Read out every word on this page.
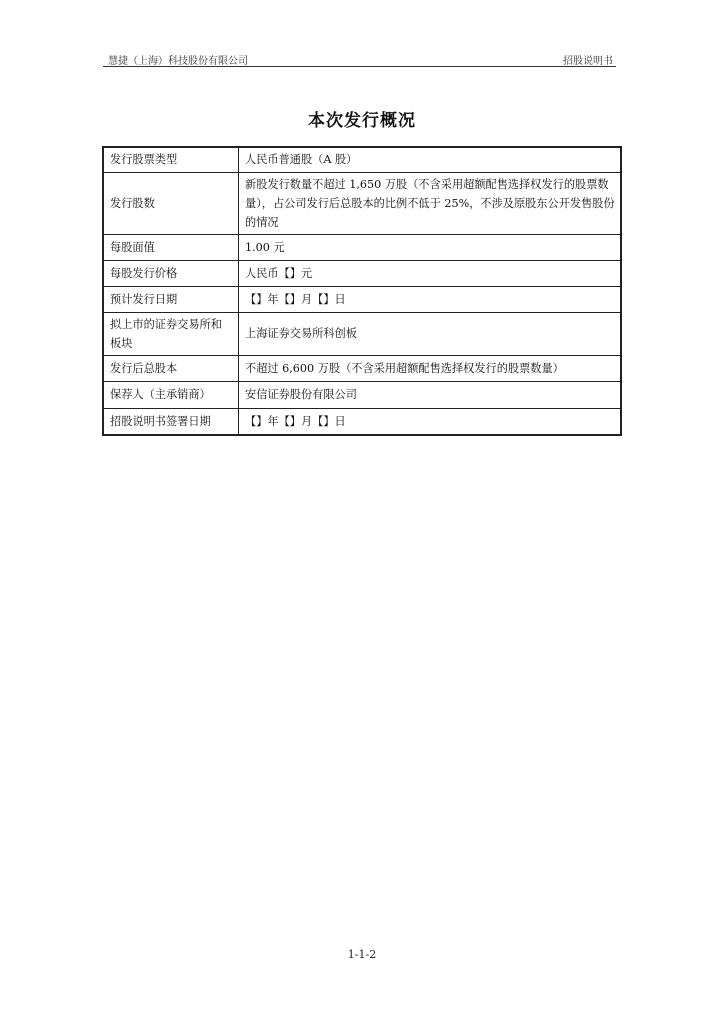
慧捷（上海）科技股份有限公司	招股说明书
本次发行概况
发行股票类型	人民币普通股（A 股）
发行股数	新股发行数量不超过 1,650 万股（不含采用超额配售选择权发行的股票数量），占公司发行后总股本的比例不低于 25%，不涉及原股东公开发售股份的情况
每股面值	1.00 元
每股发行价格	人民币【】元
预计发行日期	【】年【】月【】日
拟上市的证券交易所和板块	上海证券交易所科创板
发行后总股本	不超过 6,600 万股（不含采用超额配售选择权发行的股票数量）
保荐人（主承销商）	安信证券股份有限公司
招股说明书签署日期	【】年【】月【】日
1-1-2
